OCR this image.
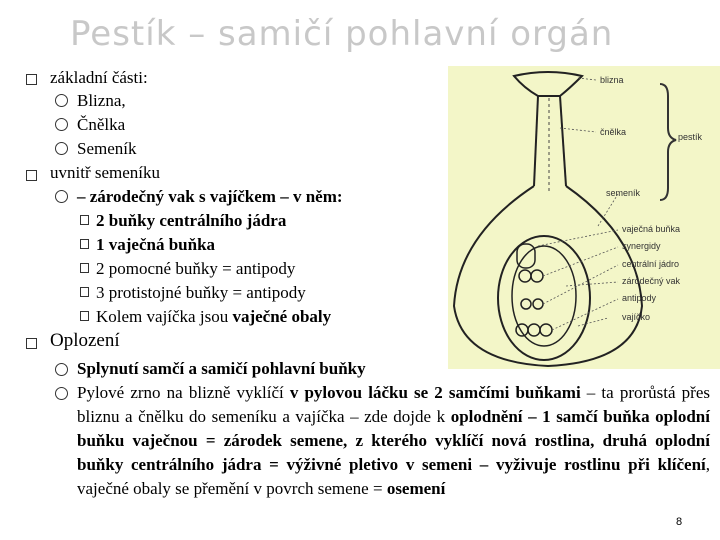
Pestík – samičí pohlavní orgán
základní části:
Blizna,
Čnělka
Semeník
uvnitř semeníku
– zárodečný vak s vajíčkem – v něm:
2 buňky centrálního jádra
1 vaječná buňka
2 pomocné buňky = antipody
3 protistojné buňky = antipody
Kolem vajíčka jsou vaječné obaly
Oplození
Splynutí samčí a samičí pohlavní buňky
Pylové zrno na blizně vyklíčí v pylovou láčku se 2 samčími buňkami – ta prorůstá přes bliznu a čnělku do semeníku a vajíčka – zde dojde k oplodnění – 1 samčí buňka oplodní buňku vaječnou = zárodek semene, z kterého vyklíčí nová rostlina, druhá oplodní buňky centrálního jádra = výživné pletivo v semeni – vyživuje rostlinu při klíčení, vaječné obaly se přemění v povrch semene = osemení
8
blizna
čnělka	pestík
semeník
vaječná buňka
synergidy
centrální jádro
zárodečný vak
antipody
vajíčko
